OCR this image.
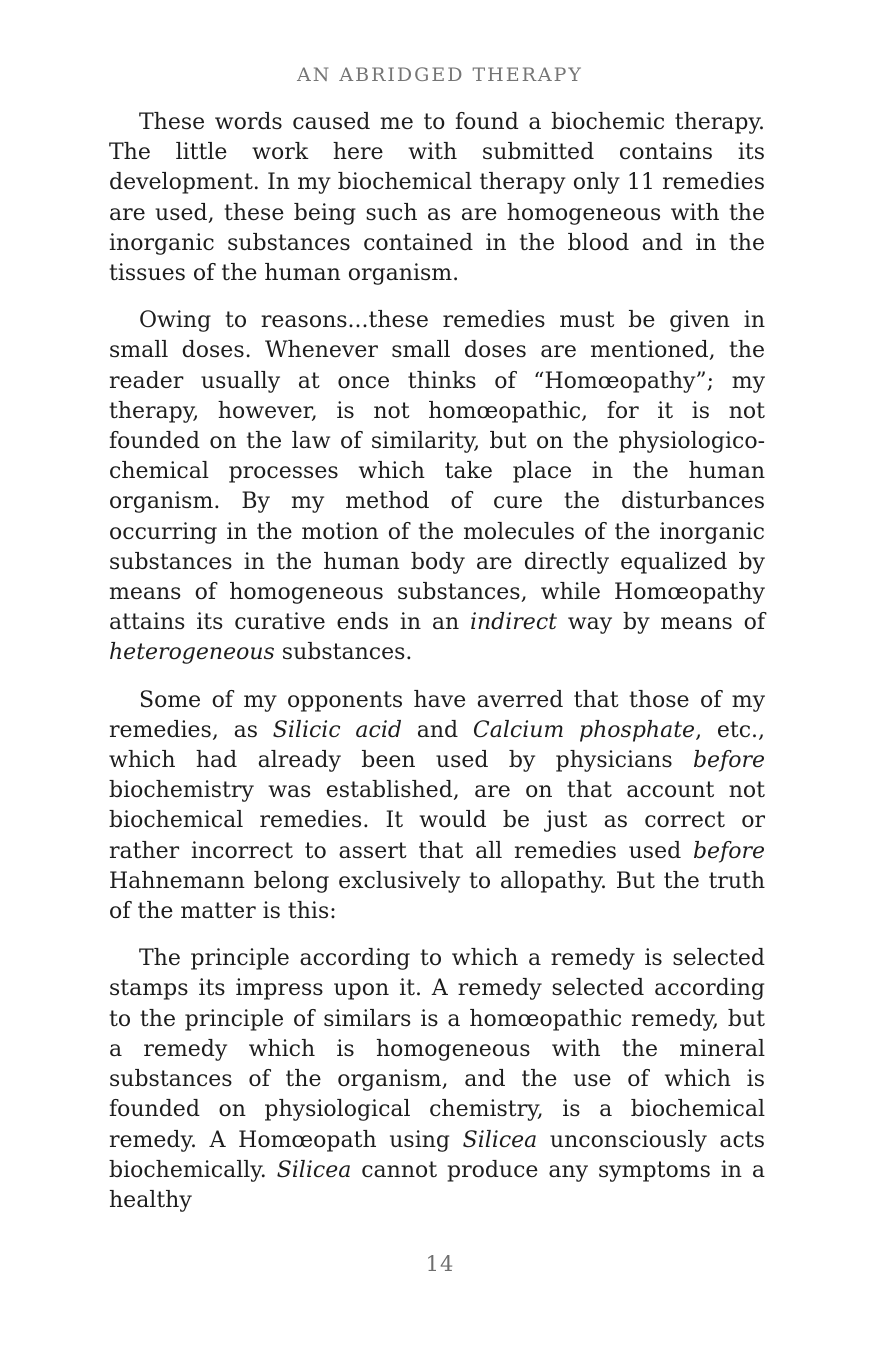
AN ABRIDGED THERAPY

These words caused me to found a biochemic therapy. The little work here with submitted contains its development. In my biochemical therapy only 11 remedies are used, these being such as are homogeneous with the inorganic substances contained in the blood and in the tissues of the human organism.

Owing to reasons...these remedies must be given in small doses. Whenever small doses are mentioned, the reader usually at once thinks of “Homœopathy”; my therapy, however, is not homœopathic, for it is not founded on the law of similarity, but on the physiologico-chemical processes which take place in the human organism. By my method of cure the disturbances occurring in the motion of the molecules of the inorganic substances in the human body are directly equalized by means of homogeneous substances, while Homœopathy attains its curative ends in an indirect way by means of heterogeneous substances.

Some of my opponents have averred that those of my remedies, as Silicic acid and Calcium phosphate, etc., which had already been used by physicians before biochemistry was established, are on that account not biochemical remedies. It would be just as correct or rather incorrect to assert that all remedies used before Hahnemann belong exclusively to allopathy. But the truth of the matter is this:

The principle according to which a remedy is selected stamps its impress upon it. A remedy selected according to the principle of similars is a homœopathic remedy, but a remedy which is homogeneous with the mineral substances of the organism, and the use of which is founded on physiological chemistry, is a biochemical remedy. A Homœopath using Silicea unconsciously acts biochemically. Silicea cannot produce any symptoms in a healthy

14
